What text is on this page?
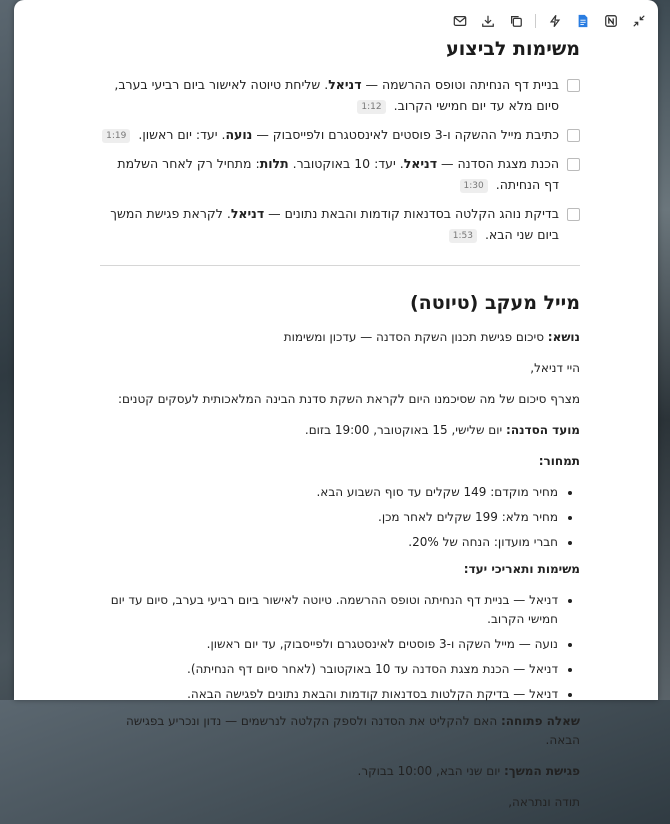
משימות לביצוע
בניית דף הנחיתה וטופס ההרשמה — דניאל. שליחת טיוטה לאישור ביום רביעי בערב, סיום מלא עד יום חמישי הקרוב. 1:12
כתיבת מייל ההשקה ו-3 פוסטים לאינסטגרם ולפייסבוק — נועה. יעד: יום ראשון. 1:19
הכנת מצגת הסדנה — דניאל. יעד: 10 באוקטובר. תלות: מתחיל רק לאחר השלמת דף הנחיתה. 1:30
בדיקת נוהג הקלטה בסדנאות קודמות והבאת נתונים — דניאל. לקראת פגישת המשך ביום שני הבא. 1:53
מייל מעקב (טיוטה)

נושא: סיכום פגישת תכנון השקת הסדנה — עדכון ומשימות

היי דניאל,

מצרף סיכום של מה שסיכמנו היום לקראת השקת סדנת הבינה המלאכותית לעסקים קטנים:

מועד הסדנה: יום שלישי, 15 באוקטובר, 19:00 בזום.

תמחור:

• מחיר מוקדם: 149 שקלים עד סוף השבוע הבא.
• מחיר מלא: 199 שקלים לאחר מכן.
• חברי מועדון: הנחה של 20%.

משימות ותאריכי יעד:

• דניאל — בניית דף הנחיתה וטופס ההרשמה. טיוטה לאישור ביום רביעי בערב, סיום עד יום חמישי הקרוב.
• נועה — מייל השקה ו-3 פוסטים לאינסטגרם ולפייסבוק, עד יום ראשון.
• דניאל — הכנת מצגת הסדנה עד 10 באוקטובר (לאחר סיום דף הנחיתה).
• דניאל — בדיקת הקלטות בסדנאות קודמות והבאת נתונים לפגישה הבאה.

שאלה פתוחה: האם להקליט את הסדנה ולספק הקלטה לנרשמים — נדון ונכריע בפגישה הבאה.

פגישת המשך: יום שני הבא, 10:00 בבוקר.

תודה ונתראה,
